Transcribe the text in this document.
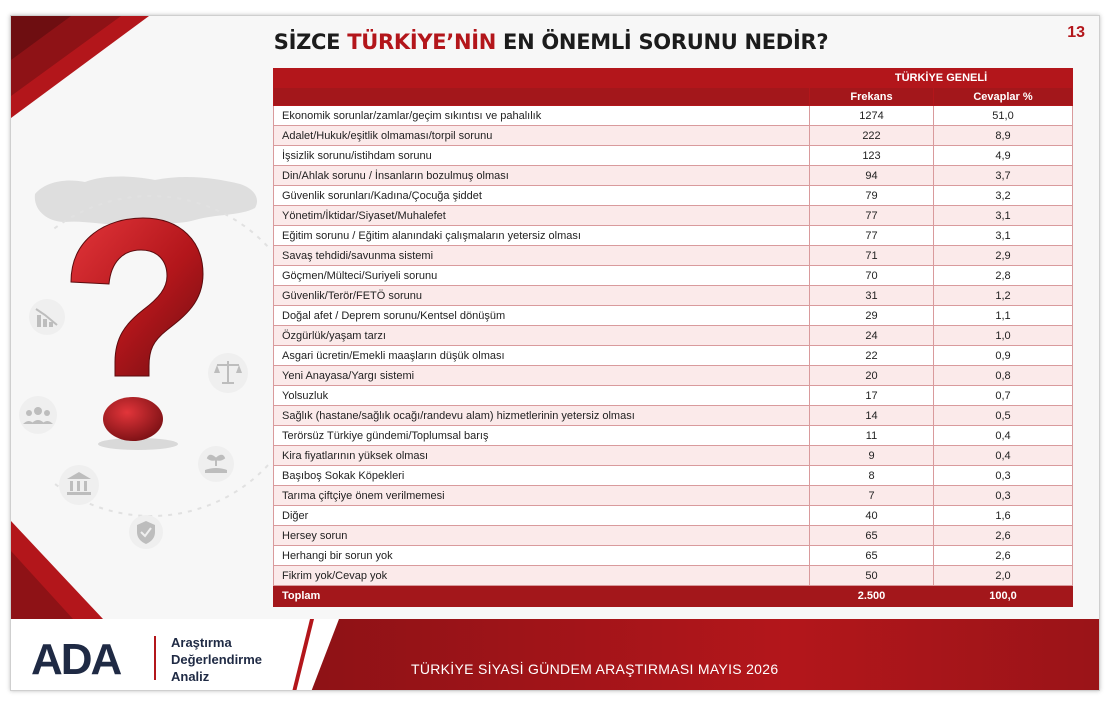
SİZCE TÜRKİYE’NİN EN ÖNEMLİ SORUNU NEDİR?	13
	TÜRKİYE GENELİ	
	Frekans	Cevaplar %
Ekonomik sorunlar/zamlar/geçim sıkıntısı ve pahalılık	1274	51,0
Adalet/Hukuk/eşitlik olmaması/torpil sorunu	222	8,9
İşsizlik sorunu/istihdam sorunu	123	4,9
Din/Ahlak sorunu / İnsanların bozulmuş olması	94	3,7
Güvenlik sorunları/Kadına/Çocuğa şiddet	79	3,2
Yönetim/İktidar/Siyaset/Muhalefet	77	3,1
Eğitim sorunu / Eğitim alanındaki çalışmaların yetersiz olması	77	3,1
Savaş tehdidi/savunma sistemi	71	2,9
Göçmen/Mülteci/Suriyeli sorunu	70	2,8
Güvenlik/Terör/FETÖ sorunu	31	1,2
Doğal afet / Deprem sorunu/Kentsel dönüşüm	29	1,1
Özgürlük/yaşam tarzı	24	1,0
Asgari ücretin/Emekli maaşların düşük olması	22	0,9
Yeni Anayasa/Yargı sistemi	20	0,8
Yolsuzluk	17	0,7
Sağlık (hastane/sağlık ocağı/randevu alam) hizmetlerinin yetersiz olması	14	0,5
Terörsüz Türkiye gündemi/Toplumsal barış	11	0,4
Kira fiyatlarının yüksek olması	9	0,4
Başıboş Sokak Köpekleri	8	0,3
Tarıma çiftçiye önem verilmemesi	7	0,3
Diğer	40	1,6
Hersey sorun	65	2,6
Herhangi bir sorun yok	65	2,6
Fikrim yok/Cevap yok	50	2,0
Toplam	2.500	100,0
ADA	Araştırma
Değerlendirme
Analiz	TÜRKİYE SİYASİ GÜNDEM ARAŞTIRMASI MAYIS 2026
